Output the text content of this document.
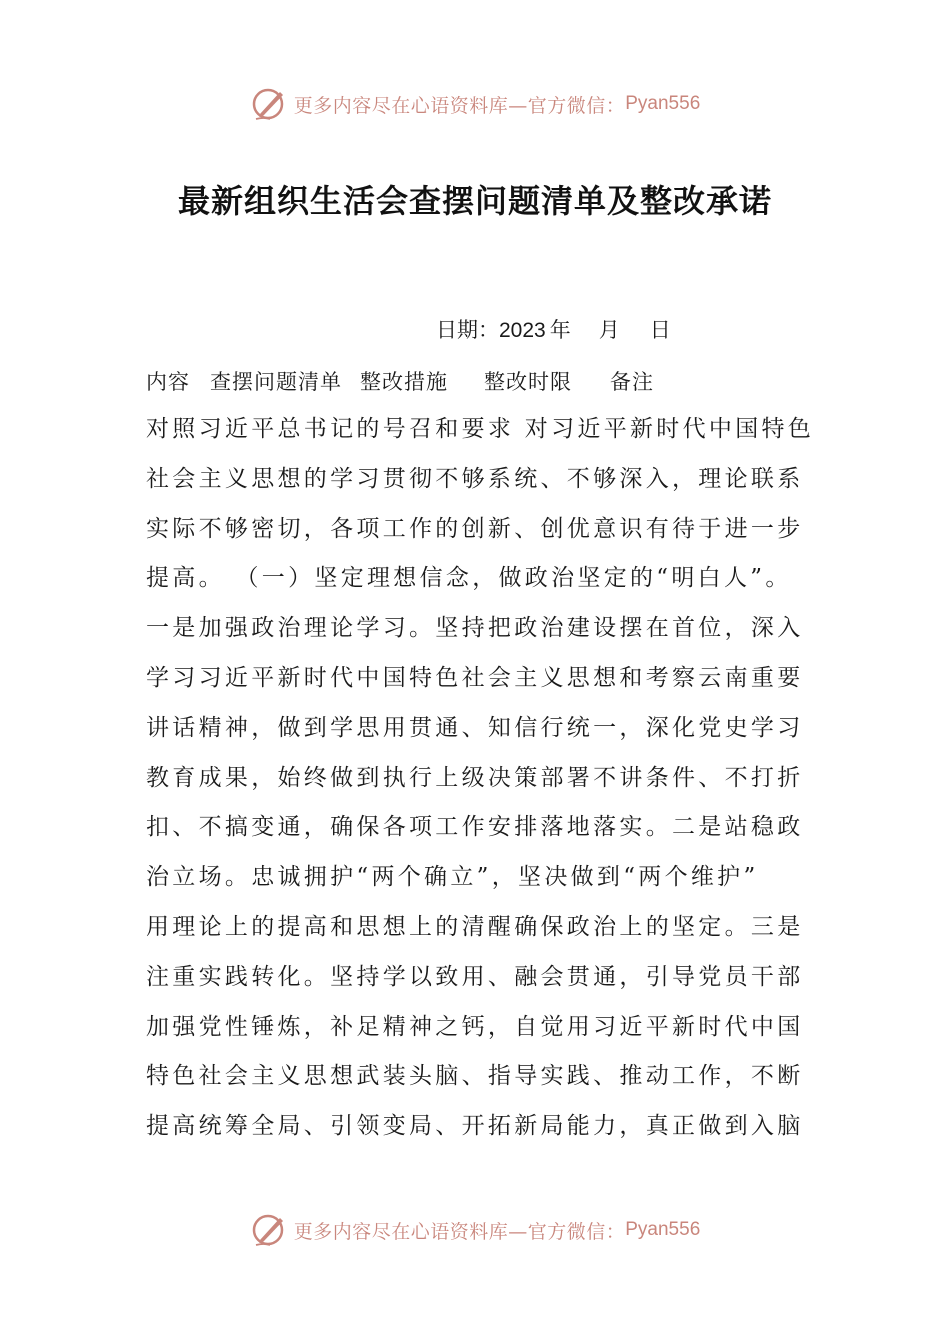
更多内容尽在心语资料库—官方微信： Pyan556
最新组织生活会查摆问题清单及整改承诺
日期：2023 年 月 日
内容 查摆问题清单 整改措施 整改时限 备注
对照习近平总书记的号召和要求 对习近平新时代中国特色
社会主义思想的学习贯彻不够系统、不够深入，理论联系
实际不够密切，各项工作的创新、创优意识有待于进一步
提高。 （一）坚定理想信念，做政治坚定的“明白人”。
一是加强政治理论学习。坚持把政治建设摆在首位，深入
学习习近平新时代中国特色社会主义思想和考察云南重要
讲话精神，做到学思用贯通、知信行统一，深化党史学习
教育成果，始终做到执行上级决策部署不讲条件、不打折
扣、不搞变通，确保各项工作安排落地落实。二是站稳政
治立场。忠诚拥护“两个确立”，坚决做到“两个维护”
用理论上的提高和思想上的清醒确保政治上的坚定。三是
注重实践转化。坚持学以致用、融会贯通，引导党员干部
加强党性锤炼，补足精神之钙，自觉用习近平新时代中国
特色社会主义思想武装头脑、指导实践、推动工作，不断
提高统筹全局、引领变局、开拓新局能力，真正做到入脑
更多内容尽在心语资料库—官方微信： Pyan556
